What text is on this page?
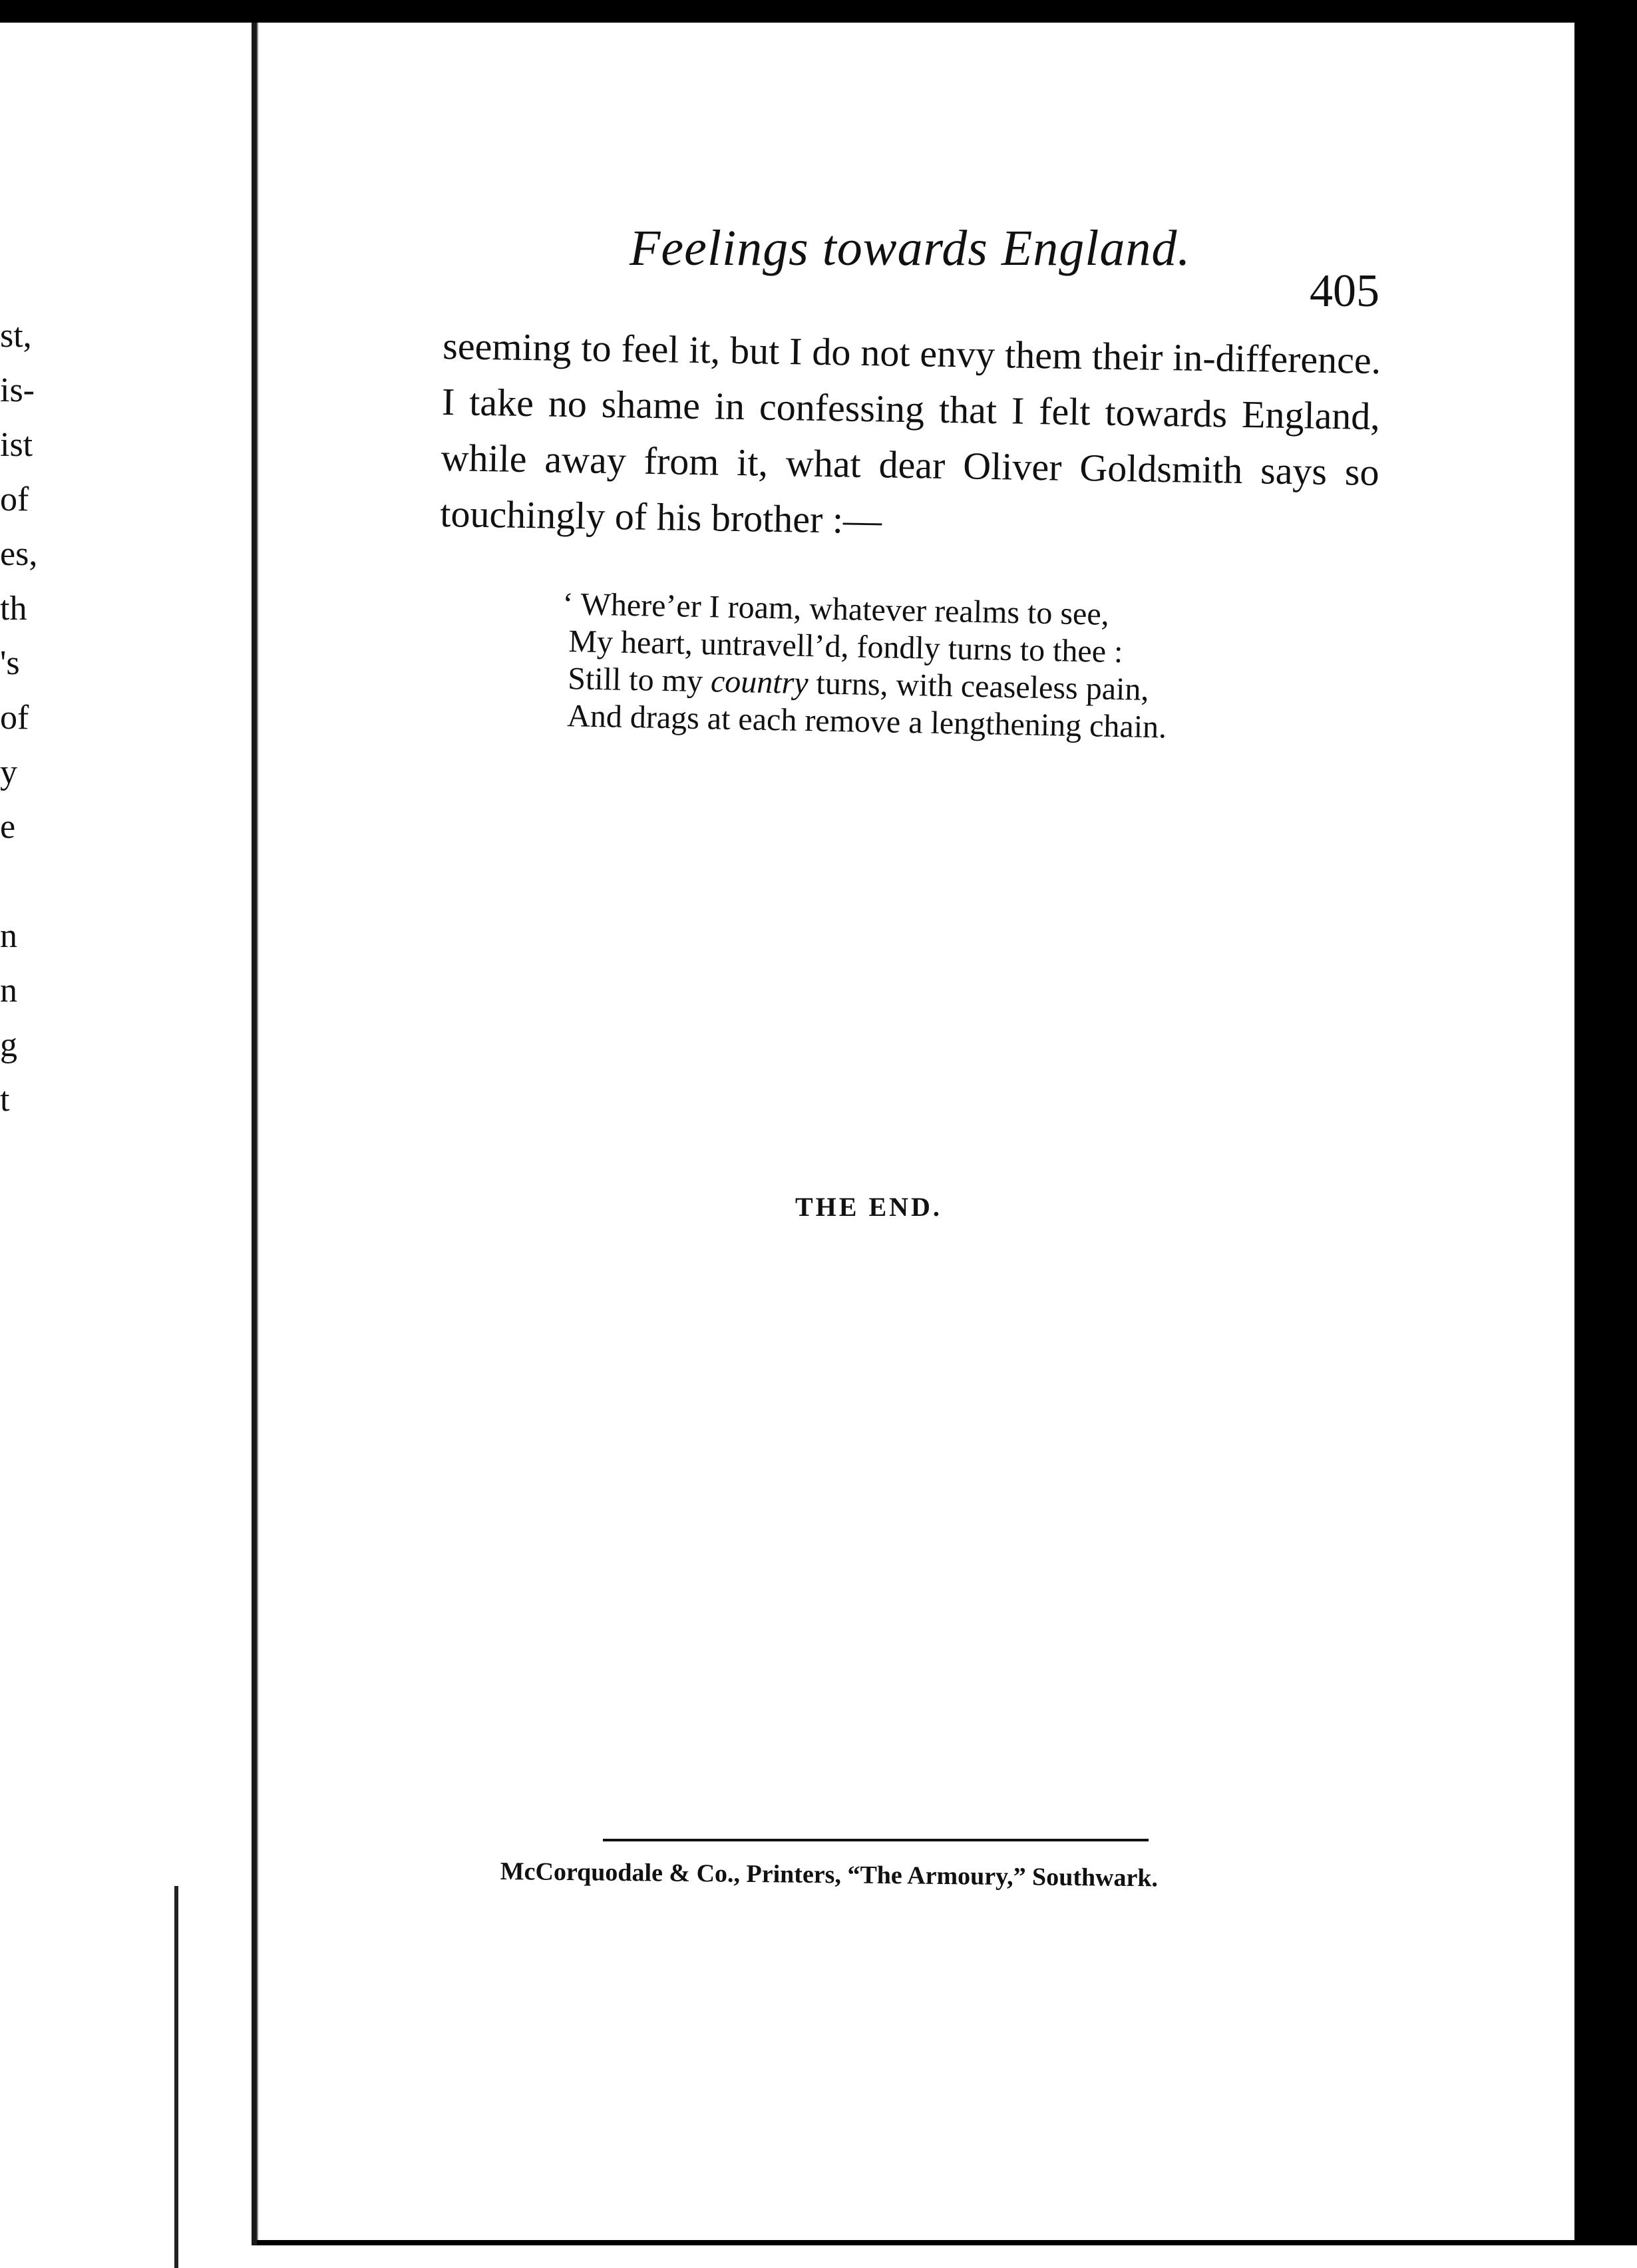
st,
is-
ist
of
es,
th
's
of
y
e
n
n
g
t
Feelings towards England.
405

seeming to feel it, but I do not envy them their in-difference. I take no shame in confessing that I felt towards England, while away from it, what dear Oliver Goldsmith says so touchingly of his brother :—

‘ Where’er I roam, whatever realms to see,
My heart, untravell’d, fondly turns to thee :
Still to my country turns, with ceaseless pain,
And drags at each remove a lengthening chain.
THE END.
McCorquodale & Co., Printers, “The Armoury,” Southwark.
